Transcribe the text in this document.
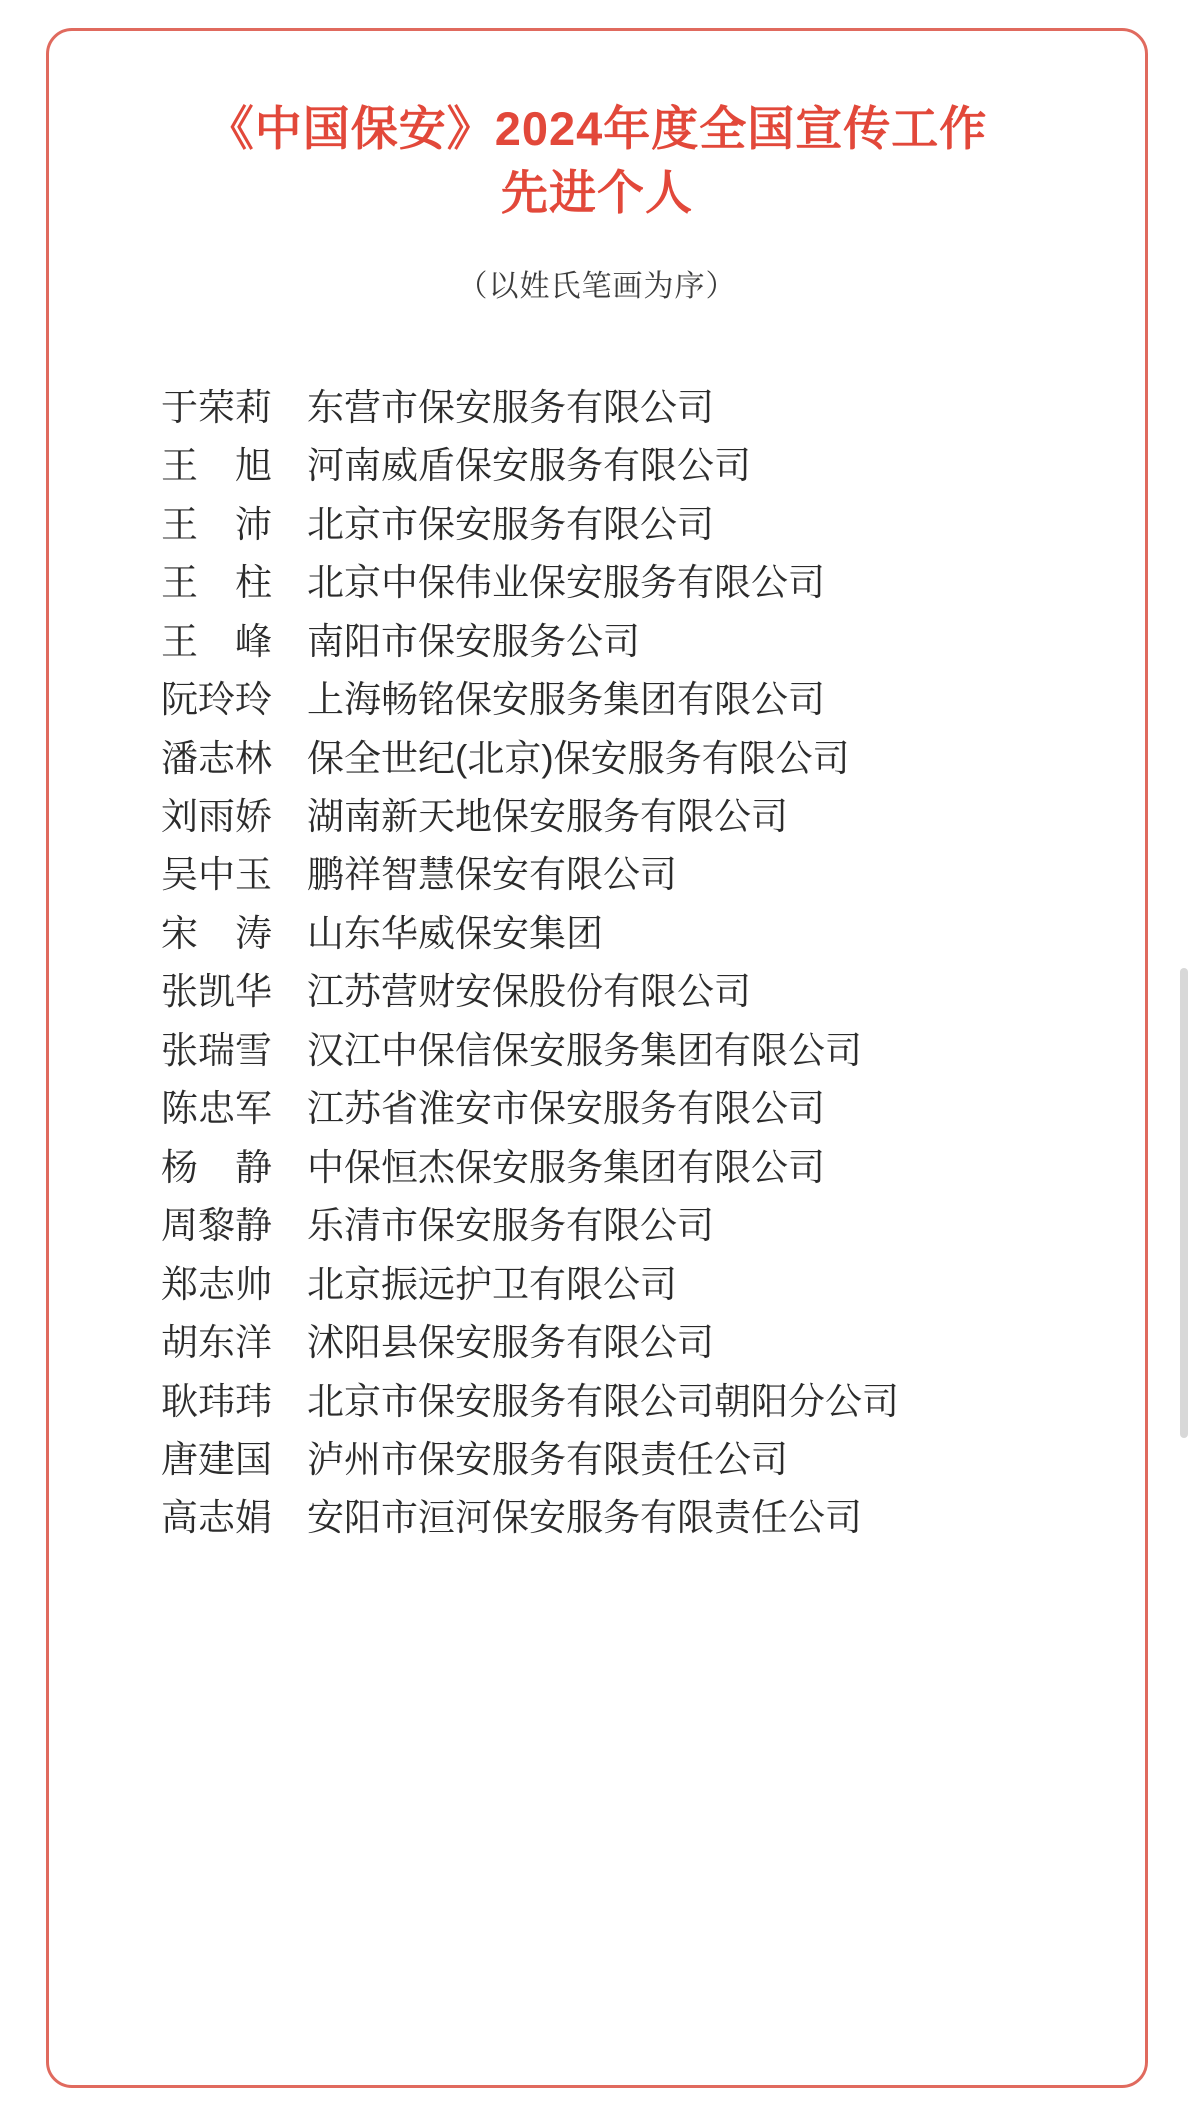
《中国保安》2024年度全国宣传工作
先进个人
（以姓氏笔画为序）
于荣莉 东营市保安服务有限公司
王　旭 河南威盾保安服务有限公司
王　沛 北京市保安服务有限公司
王　柱 北京中保伟业保安服务有限公司
王　峰 南阳市保安服务公司
阮玲玲 上海畅铭保安服务集团有限公司
潘志林 保全世纪(北京)保安服务有限公司
刘雨娇 湖南新天地保安服务有限公司
吴中玉 鹏祥智慧保安有限公司
宋　涛 山东华威保安集团
张凯华 江苏营财安保股份有限公司
张瑞雪 汉江中保信保安服务集团有限公司
陈忠军 江苏省淮安市保安服务有限公司
杨　静 中保恒杰保安服务集团有限公司
周黎静 乐清市保安服务有限公司
郑志帅 北京振远护卫有限公司
胡东洋 沭阳县保安服务有限公司
耿玮玮 北京市保安服务有限公司朝阳分公司
唐建国 泸州市保安服务有限责任公司
高志娟 安阳市洹河保安服务有限责任公司
